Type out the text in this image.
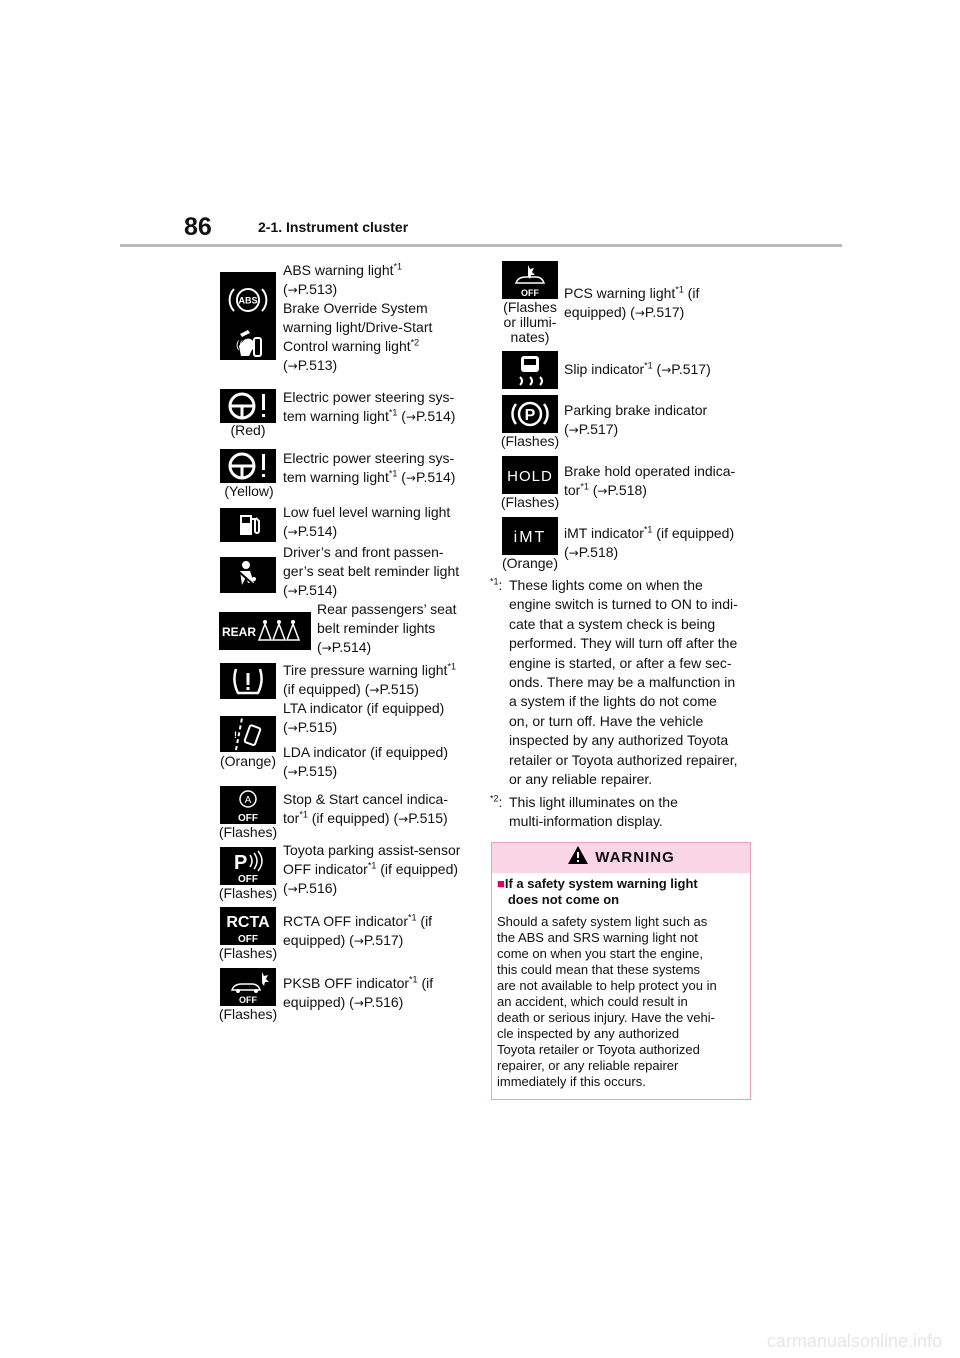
86	2-1. Instrument cluster
ABS
ABS warning light$^{*1}$
(→P.513)
((
Brake Override System
warning light/Drive-Start
Control warning light$^{*2}$
(→P.513)
(Red)
Electric power steering sys-
tem warning light$^{*1}$ (→P.514)
(Yellow)
Electric power steering sys-
tem warning light$^{*1}$ (→P.514)
Low fuel level warning light
(→P.514)
Driver’s and front passen-
ger’s seat belt reminder light
(→P.514)
REAR
Rear passengers’ seat
belt reminder lights
(→P.514)
Tire pressure warning light$^{*1}$
(if equipped) (→P.515)
!
(Orange)
LTA indicator (if equipped)
(→P.515)
LDA indicator (if equipped)
(→P.515)
A
OFF
(Flashes)
Stop & Start cancel indica-
tor$^{*1}$ (if equipped) (→P.515)
P
OFF
(Flashes)
Toyota parking assist-sensor
OFF indicator$^{*1}$ (if equipped)
(→P.516)
RCTA
OFF
(Flashes)
RCTA OFF indicator$^{*1}$ (if
equipped) (→P.517)
OFF
(Flashes)
PKSB OFF indicator$^{*1}$ (if
equipped) (→P.516)
OFF
(Flashes
or illumi-
nates)
PCS warning light$^{*1}$ (if
equipped) (→P.517)
Slip indicator$^{*1}$ (→P.517)
P
(Flashes)
Parking brake indicator
(→P.517)
HOLD
(Flashes)
Brake hold operated indica-
tor$^{*1}$ (→P.518)
iMT
(Orange)
iMT indicator$^{*1}$ (if equipped)
(→P.518)
$^{*1}$: These lights come on when the
engine switch is turned to ON to indi-
cate that a system check is being
performed. They will turn off after the
engine is started, or after a few sec-
onds. There may be a malfunction in
a system if the lights do not come
on, or turn off. Have the vehicle
inspected by any authorized Toyota
retailer or Toyota authorized repairer,
or any reliable repairer.
$^{*2}$: This light illuminates on the
multi-information display.
WARNING
■If a safety system warning light
does not come on
Should a safety system light such as
the ABS and SRS warning light not
come on when you start the engine,
this could mean that these systems
are not available to help protect you in
an accident, which could result in
death or serious injury. Have the vehi-
cle inspected by any authorized
Toyota retailer or Toyota authorized
repairer, or any reliable repairer
immediately if this occurs.
carmanualsonline.info
